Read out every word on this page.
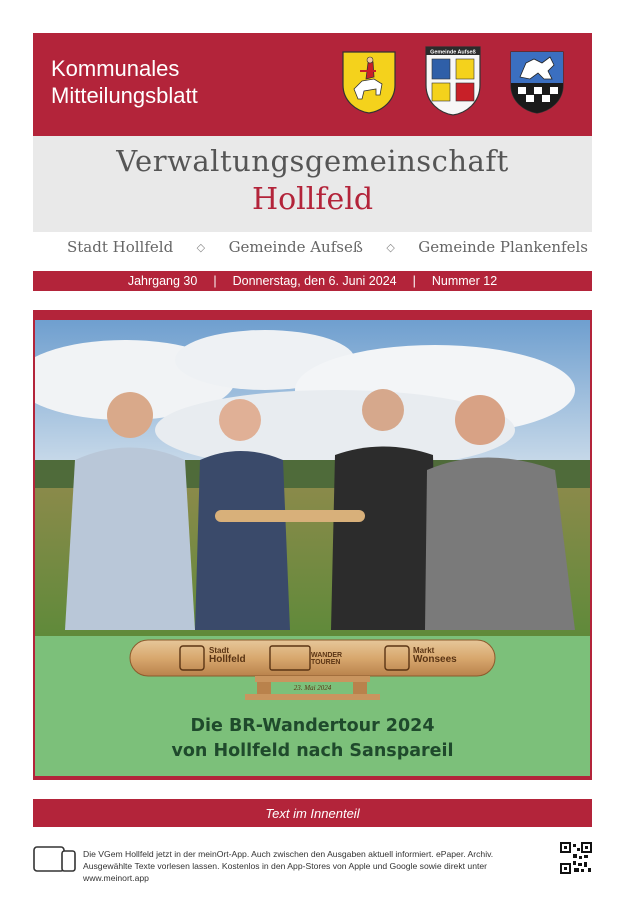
Kommunales
Mitteilungsblatt
Gemeinde Aufseß
Verwaltungsgemeinschaft
Hollfeld
Stadt Hollfeld ◇ Gemeinde Aufseß ◇ Gemeinde Plankenfels
Jahrgang 30 | Donnerstag, den 6. Juni 2024 | Nummer 12
Stadt
Hollfeld	WANDER TOUREN
Markt
Wonsees
23. Mai 2024
Die BR-Wandertour 2024
von Hollfeld nach Sanspareil
Text im Innenteil
Die VGem Hollfeld jetzt in der meinOrt-App. Auch zwischen den Ausgaben aktuell informiert. ePaper. Archiv.
Ausgewählte Texte vorlesen lassen. Kostenlos in den App-Stores von Apple und Google sowie direkt unter www.meinort.app
